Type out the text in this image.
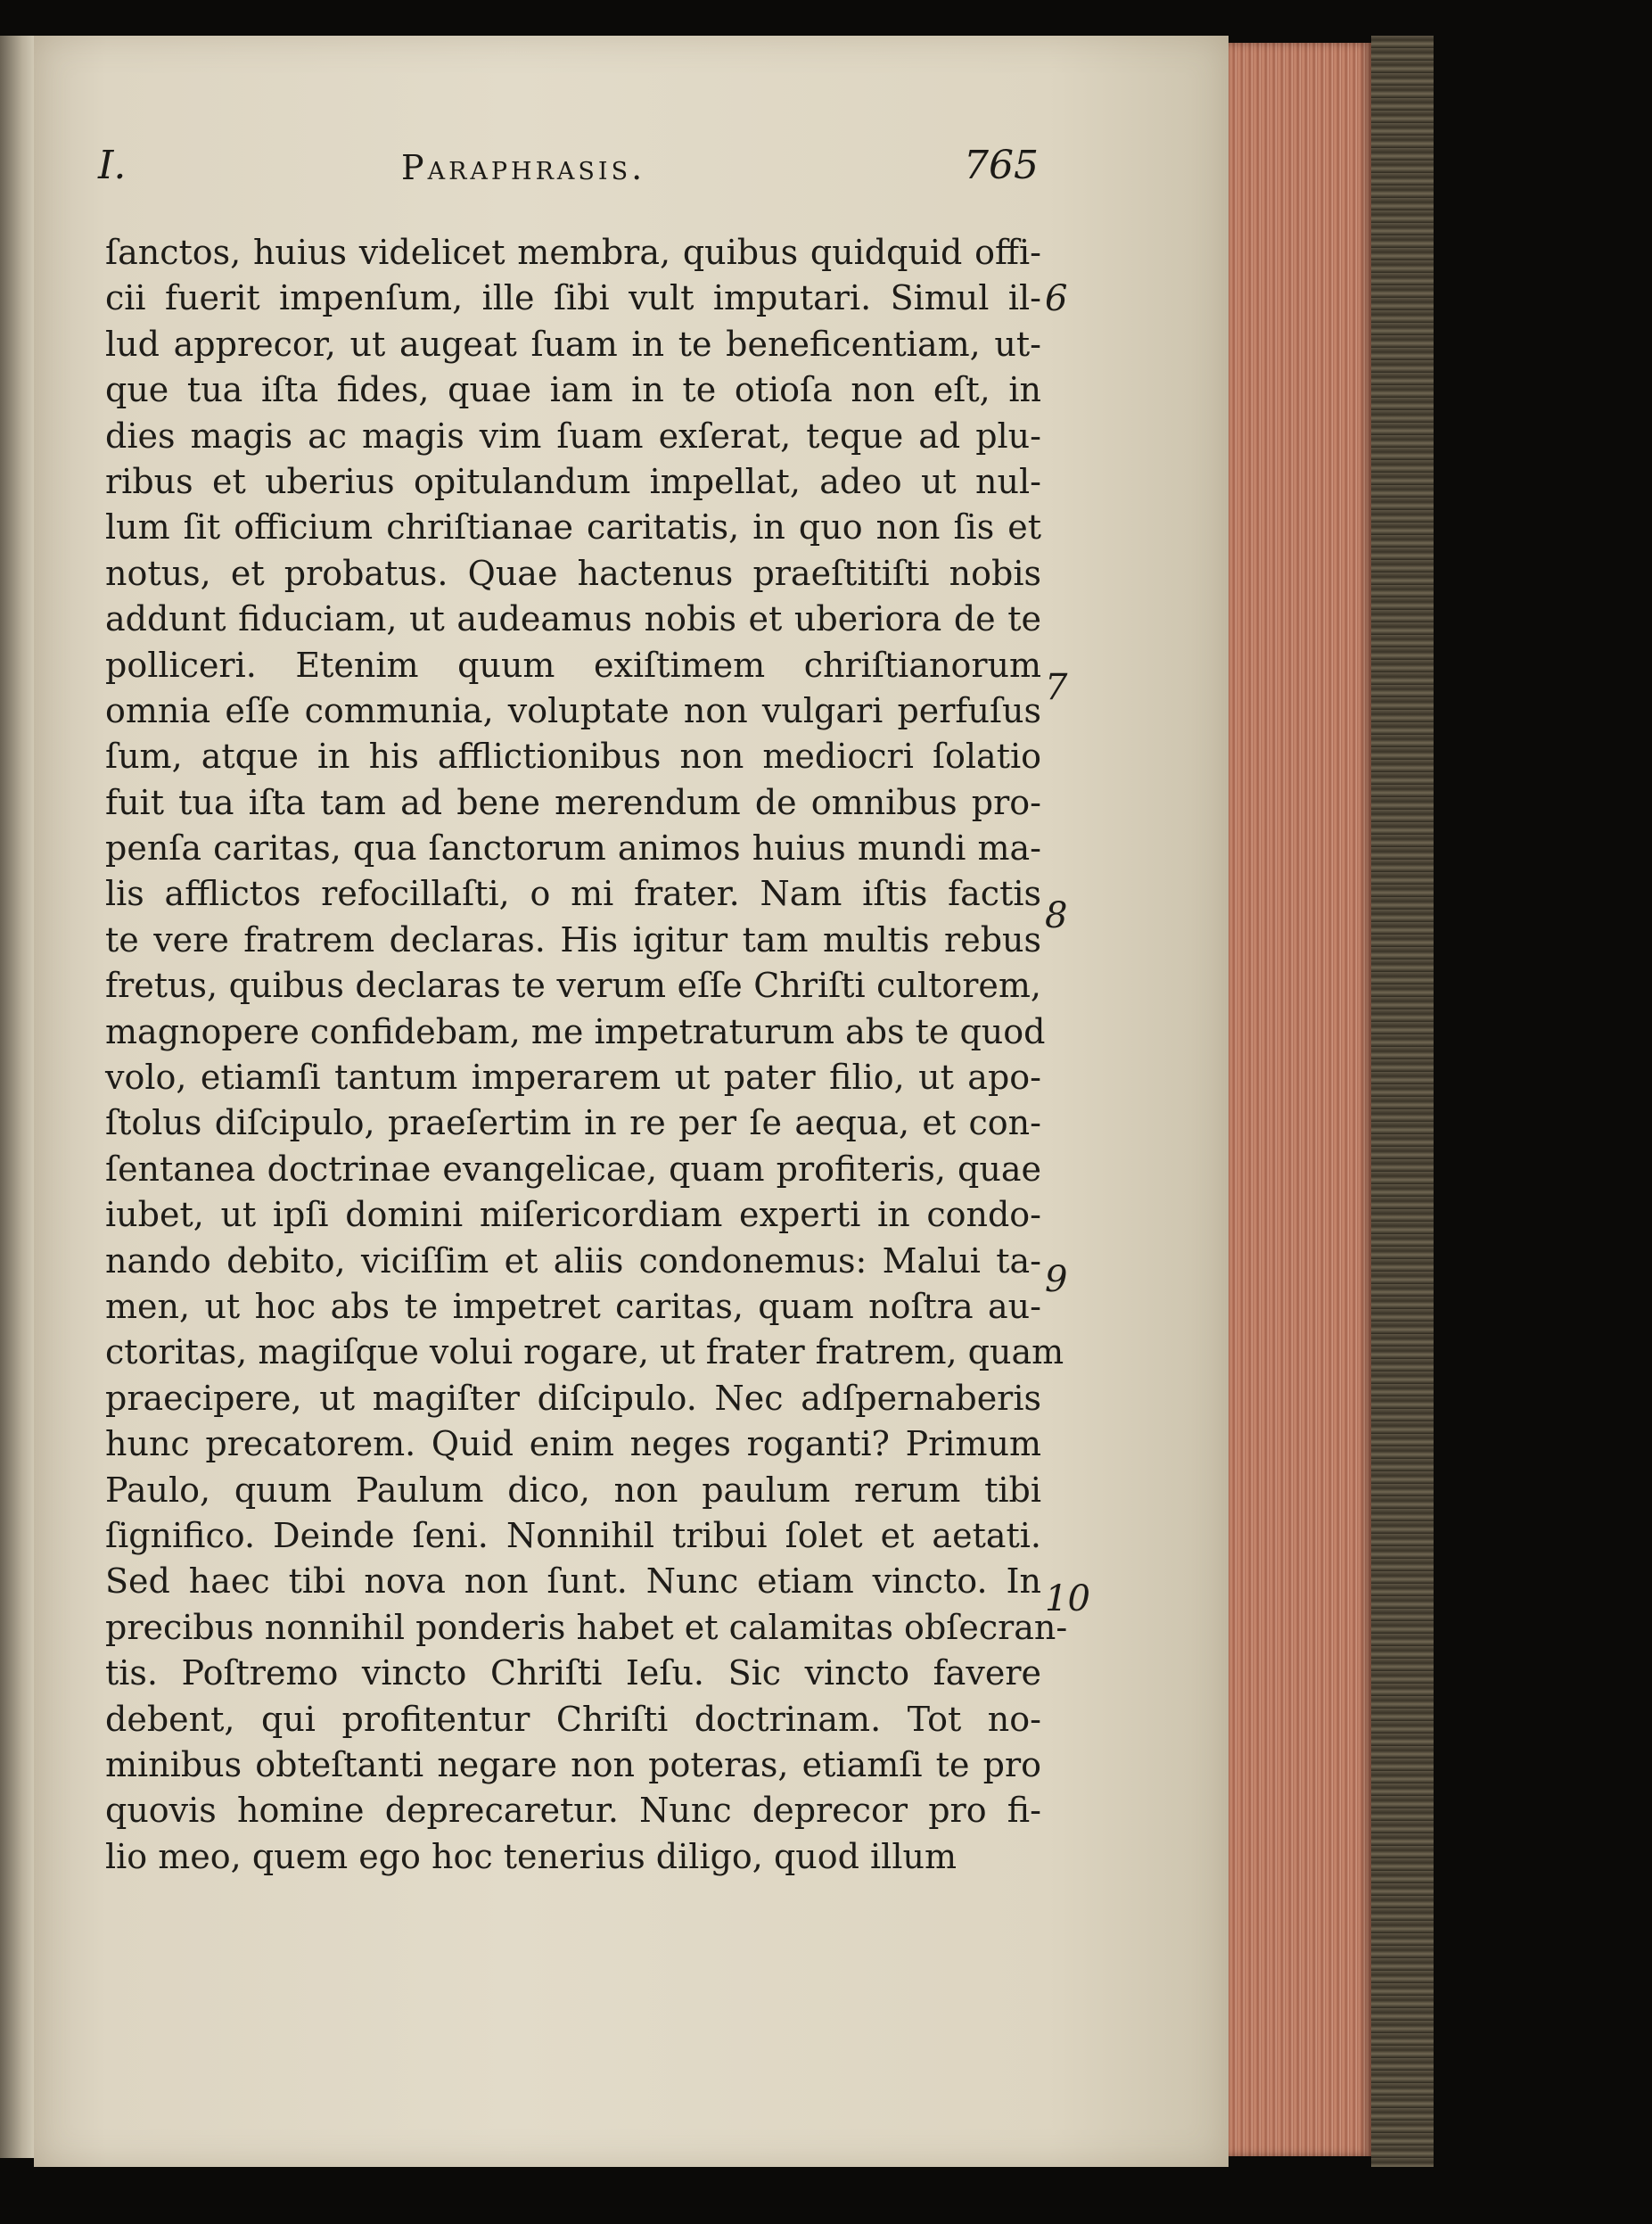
I.	Paraphrasis.	765
ſanctos, huius videlicet membra, quibus quidquid offi-
cii fuerit impenſum, ille ſibi vult imputari. Simul il-
lud apprecor, ut augeat ſuam in te beneficentiam, ut-
que tua iſta fides, quae iam in te otioſa non eſt, in
dies magis ac magis vim ſuam exſerat, teque ad plu-
ribus et uberius opitulandum impellat, adeo ut nul-
lum ſit officium chriſtianae caritatis, in quo non ſis et
notus, et probatus. Quae hactenus praeſtitiſti nobis
addunt fiduciam, ut audeamus nobis et uberiora de te
polliceri. Etenim quum exiſtimem chriſtianorum
omnia eſſe communia, voluptate non vulgari perfuſus
ſum, atque in his afflictionibus non mediocri ſolatio
fuit tua iſta tam ad bene merendum de omnibus pro-
penſa caritas, qua ſanctorum animos huius mundi ma-
lis afflictos refocillaſti, o mi frater. Nam iſtis factis
te vere fratrem declaras. His igitur tam multis rebus
fretus, quibus declaras te verum eſſe Chriſti cultorem,
magnopere confidebam, me impetraturum abs te quod
volo, etiamſi tantum imperarem ut pater filio, ut apo-
ſtolus diſcipulo, praeſertim in re per ſe aequa, et con-
ſentanea doctrinae evangelicae, quam profiteris, quae
iubet, ut ipſi domini miſericordiam experti in condo-
nando debito, viciſſim et aliis condonemus: Malui ta-
men, ut hoc abs te impetret caritas, quam noſtra au-
ctoritas, magiſque volui rogare, ut frater fratrem, quam
praecipere, ut magiſter diſcipulo. Nec adſpernaberis
hunc precatorem. Quid enim neges roganti? Primum
Paulo, quum Paulum dico, non paulum rerum tibi
ſignifico. Deinde ſeni. Nonnihil tribui ſolet et aetati.
Sed haec tibi nova non ſunt. Nunc etiam vincto. In
precibus nonnihil ponderis habet et calamitas obſecran-
tis. Poſtremo vincto Chriſti Ieſu. Sic vincto favere
debent, qui profitentur Chriſti doctrinam. Tot no-
minibus obteſtanti negare non poteras, etiamſi te pro
quovis homine deprecaretur. Nunc deprecor pro fi-
lio meo, quem ego hoc tenerius diligo, quod illum
6
7
8
9
10
